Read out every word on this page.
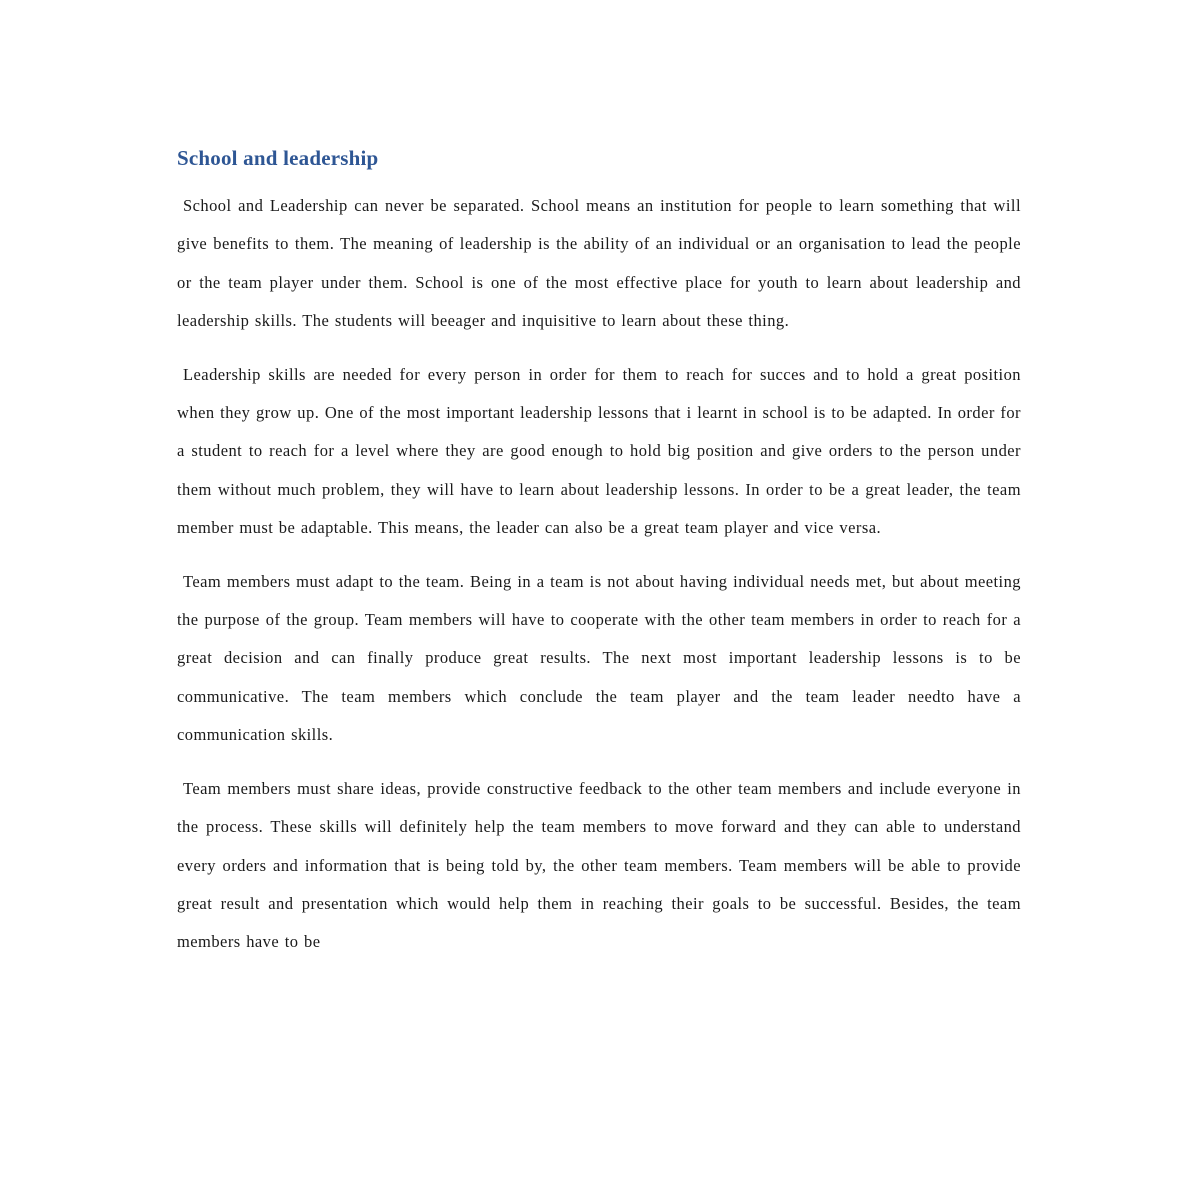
School and leadership

School and Leadership can never be separated. School means an institution for people to learn something that will give benefits to them. The meaning of leadership is the ability of an individual or an organisation to lead the people or the team player under them. School is one of the most effective place for youth to learn about leadership and leadership skills. The students will beeager and inquisitive to learn about these thing.

Leadership skills are needed for every person in order for them to reach for succes and to hold a great position when they grow up. One of the most important leadership lessons that i learnt in school is to be adapted. In order for a student to reach for a level where they are good enough to hold big position and give orders to the person under them without much problem, they will have to learn about leadership lessons. In order to be a great leader, the team member must be adaptable. This means, the leader can also be a great team player and vice versa.

Team members must adapt to the team. Being in a team is not about having individual needs met, but about meeting the purpose of the group. Team members will have to cooperate with the other team members in order to reach for a great decision and can finally produce great results. The next most important leadership lessons is to be communicative. The team members which conclude the team player and the team leader needto have a communication skills.

Team members must share ideas, provide constructive feedback to the other team members and include everyone in the process. These skills will definitely help the team members to move forward and they can able to understand every orders and information that is being told by, the other team members. Team members will be able to provide great result and presentation which would help them in reaching their goals to be successful. Besides, the team members have to be
